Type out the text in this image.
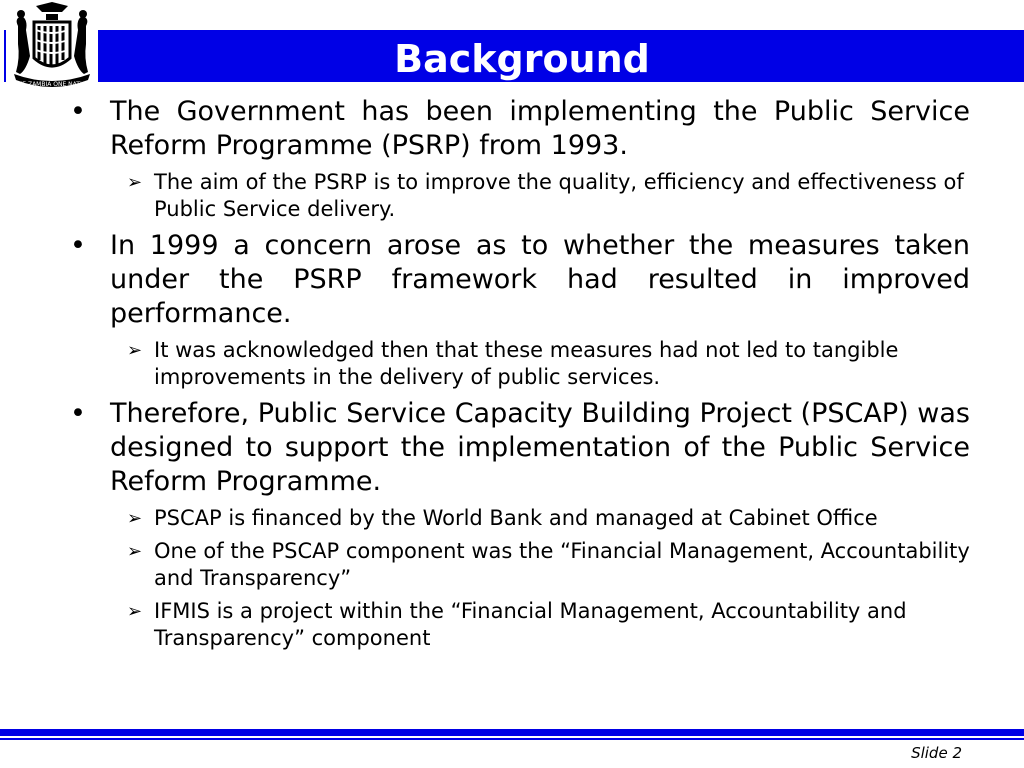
ONE ZAMBIA ONE NATION
Background
• The Government has been implementing the Public Service Reform Programme (PSRP) from 1993.
➢ The aim of the PSRP is to improve the quality, efficiency and effectiveness of Public Service delivery.
• In 1999 a concern arose as to whether the measures taken under the PSRP framework had resulted in improved performance.
➢ It was acknowledged then that these measures had not led to tangible improvements in the delivery of public services.
• Therefore, Public Service Capacity Building Project (PSCAP) was designed to support the implementation of the Public Service Reform Programme.
➢ PSCAP is financed by the World Bank and managed at Cabinet Office
➢ One of the PSCAP component was the “Financial Management, Accountability and Transparency”
➢ IFMIS is a project within the “Financial Management, Accountability and Transparency” component
Slide 2
